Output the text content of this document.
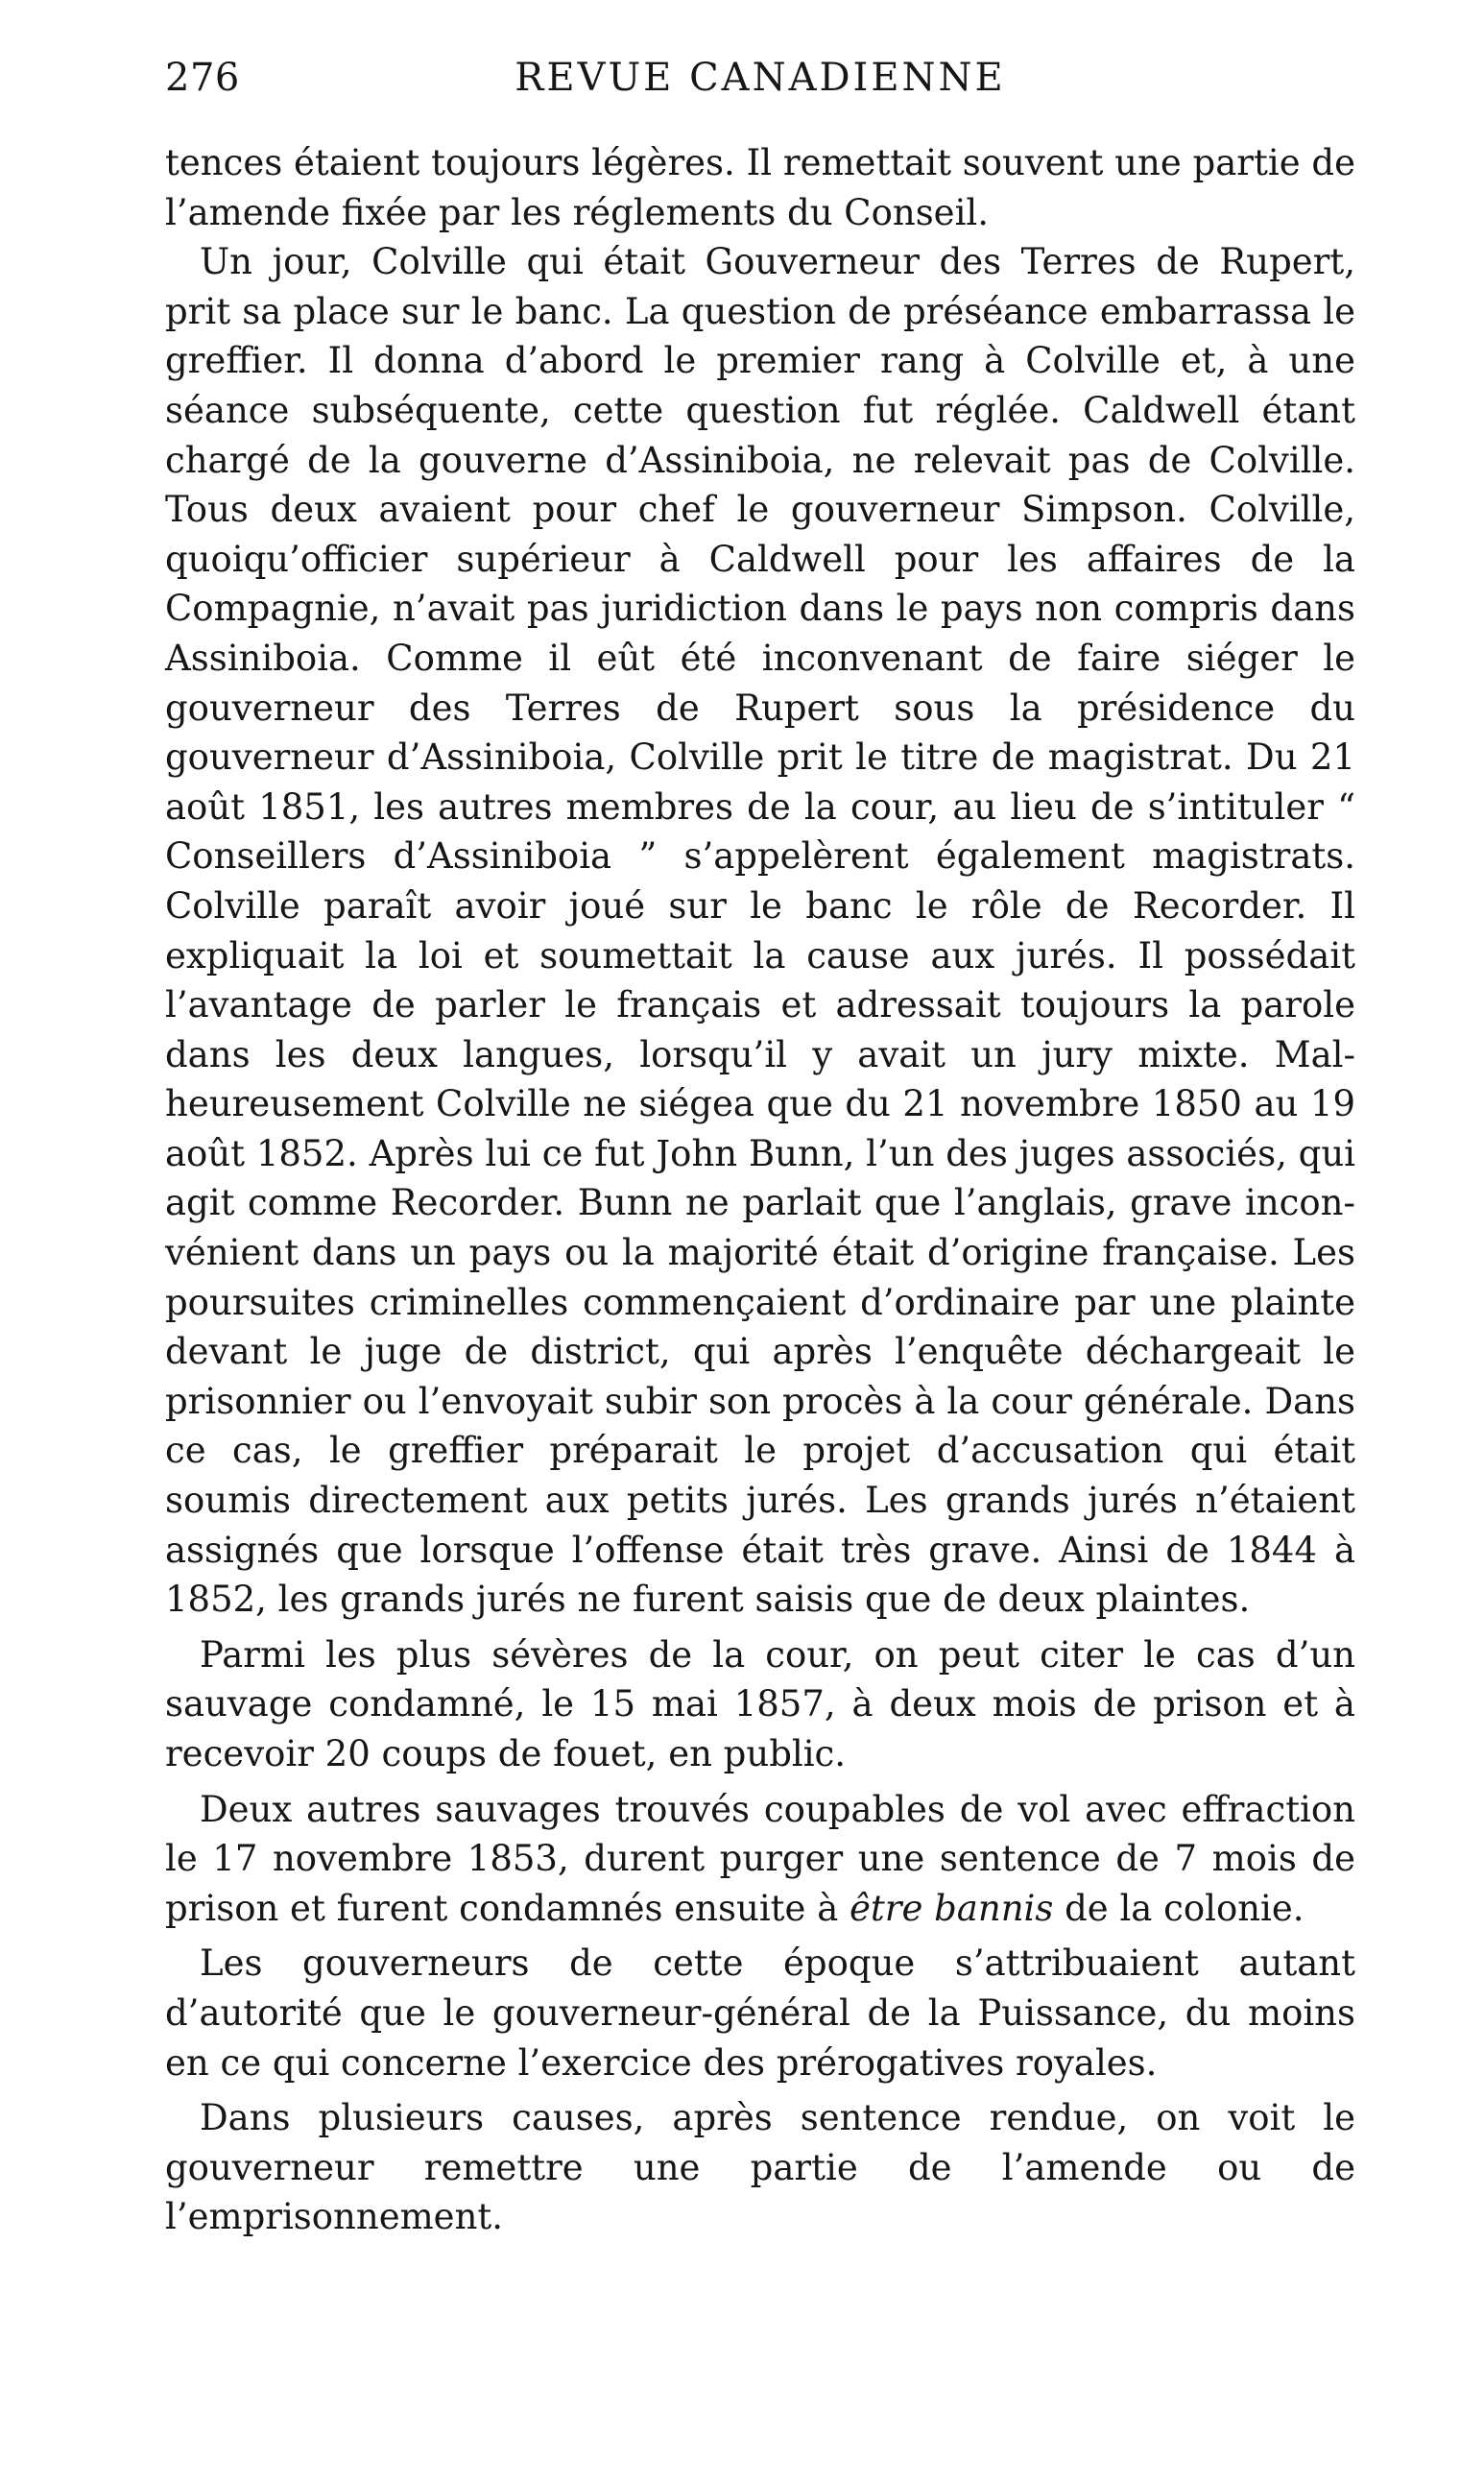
276	REVUE CANADIENNE

tences étaient toujours légères. Il remettait souvent une partie de l’amende fixée par les réglements du Conseil.

Un jour, Colville qui était Gouverneur des Terres de Rupert, prit sa place sur le banc. La question de préséance embarrassa le greffier. Il donna d’abord le premier rang à Colville et, à une séance subséquente, cette question fut réglée. Caldwell étant chargé de la gouverne d’Assiniboia, ne relevait pas de Colville. Tous deux avaient pour chef le gouverneur Simpson. Colville, quoiqu’officier supérieur à Caldwell pour les affaires de la Compagnie, n’avait pas juridiction dans le pays non compris dans Assiniboia. Comme il eût été inconvenant de faire siéger le gouverneur des Terres de Rupert sous la présidence du gouverneur d’Assiniboia, Colville prit le titre de magistrat. Du 21 août 1851, les autres membres de la cour, au lieu de s’intituler “ Conseillers d’Assiniboia ” s’appelèrent également magistrats. Colville paraît avoir joué sur le banc le rôle de Recorder. Il expliquait la loi et soumettait la cause aux jurés. Il possédait l’avantage de parler le français et adressait toujours la parole dans les deux langues, lorsqu’il y avait un jury mixte. Malheureusement Colville ne siégea que du 21 novembre 1850 au 19 août 1852. Après lui ce fut John Bunn, l’un des juges associés, qui agit comme Recorder. Bunn ne parlait que l’anglais, grave inconvénient dans un pays ou la majorité était d’origine française. Les poursuites criminelles commençaient d’ordinaire par une plainte devant le juge de district, qui après l’enquête déchargeait le prisonnier ou l’envoyait subir son procès à la cour générale. Dans ce cas, le greffier préparait le projet d’accusation qui était soumis directement aux petits jurés. Les grands jurés n’étaient assignés que lorsque l’offense était très grave. Ainsi de 1844 à 1852, les grands jurés ne furent saisis que de deux plaintes.

Parmi les plus sévères de la cour, on peut citer le cas d’un sauvage condamné, le 15 mai 1857, à deux mois de prison et à recevoir 20 coups de fouet, en public.

Deux autres sauvages trouvés coupables de vol avec effraction le 17 novembre 1853, durent purger une sentence de 7 mois de prison et furent condamnés ensuite à être bannis de la colonie.

Les gouverneurs de cette époque s’attribuaient autant d’autorité que le gouverneur-général de la Puissance, du moins en ce qui concerne l’exercice des prérogatives royales.

Dans plusieurs causes, après sentence rendue, on voit le gouverneur remettre une partie de l’amende ou de l’emprisonnement.
